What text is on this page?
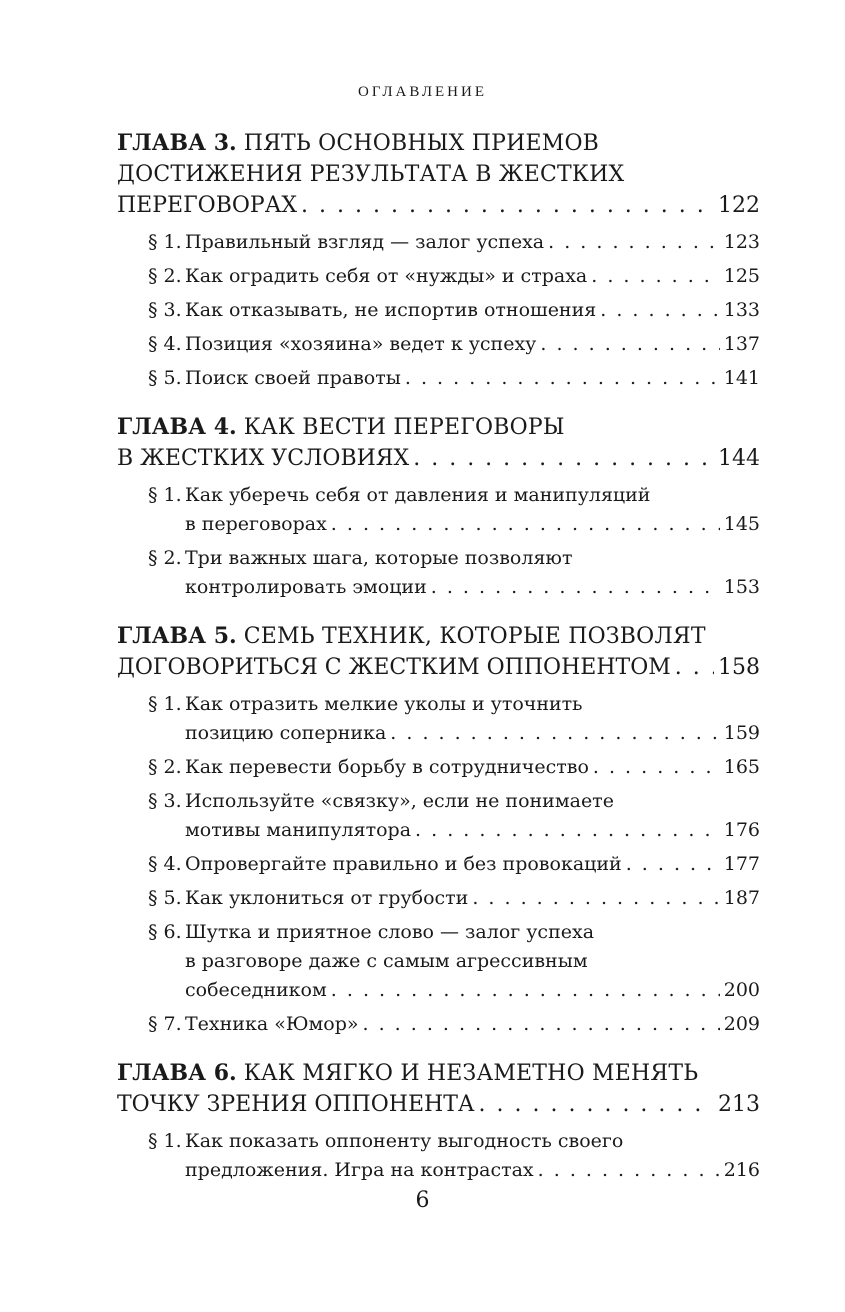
ОГЛАВЛЕНИЕ
ГЛАВА 3. ПЯТЬ ОСНОВНЫХ ПРИЕМОВ
ДОСТИЖЕНИЯ РЕЗУЛЬТАТА В ЖЕСТКИХ
ПЕРЕГОВОРАХ . . .	122
§ 1. Правильный взгляд — залог успеха . . .	123
§ 2. Как оградить себя от «нужды» и страха . . .	125
§ 3. Как отказывать, не испортив отношения . . .	133
§ 4. Позиция «хозяина» ведет к успеху . . .	137
§ 5. Поиск своей правоты . . .	141
ГЛАВА 4. КАК ВЕСТИ ПЕРЕГОВОРЫ
В ЖЕСТКИХ УСЛОВИЯХ . . .	144
§ 1. Как уберечь себя от давления и манипуляций
в переговорах . . .	145
§ 2. Три важных шага, которые позволяют
контролировать эмоции . . .	153
ГЛАВА 5. СЕМЬ ТЕХНИК, КОТОРЫЕ ПОЗВОЛЯТ
ДОГОВОРИТЬСЯ С ЖЕСТКИМ ОППОНЕНТОМ . . . 158
§ 1. Как отразить мелкие уколы и уточнить
позицию соперника . . .	159
§ 2. Как перевести борьбу в сотрудничество . . .	165
§ 3. Используйте «связку», если не понимаете
мотивы манипулятора . . .	176
§ 4. Опровергайте правильно и без провокаций . . .	177
§ 5. Как уклониться от грубости . . .	187
§ 6. Шутка и приятное слово — залог успеха
в разговоре даже с самым агрессивным
собеседником . . .	200
§ 7. Техника «Юмор» . . .	209
ГЛАВА 6. КАК МЯГКО И НЕЗАМЕТНО МЕНЯТЬ
ТОЧКУ ЗРЕНИЯ ОППОНЕНТА . . .	213
§ 1. Как показать оппоненту выгодность своего
предложения. Игра на контрастах . . .	216
6
